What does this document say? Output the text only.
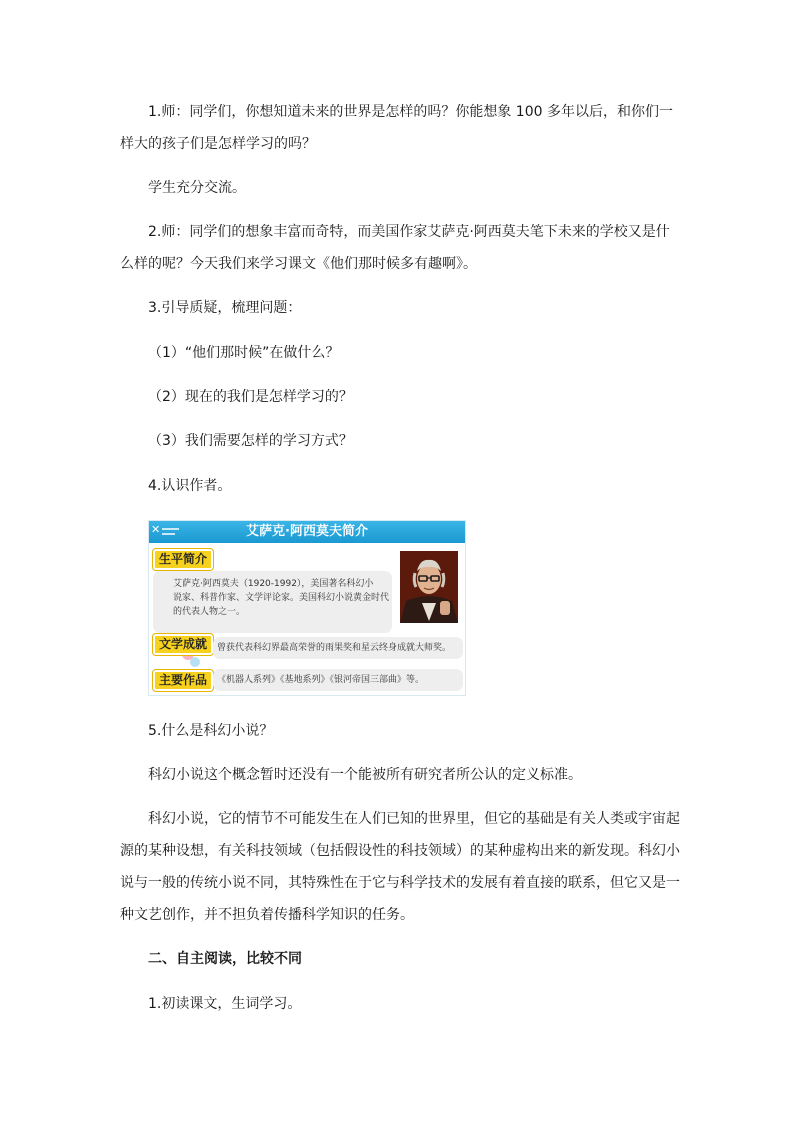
1.师：同学们，你想知道未来的世界是怎样的吗？你能想象 100 多年以后，和你们一
样大的孩子们是怎样学习的吗？
学生充分交流。
2.师：同学们的想象丰富而奇特，而美国作家艾萨克·阿西莫夫笔下未来的学校又是什
么样的呢？今天我们来学习课文《他们那时候多有趣啊》。
3.引导质疑，梳理问题：
（1）“他们那时候”在做什么？
（2）现在的我们是怎样学习的？
（3）我们需要怎样的学习方式？
4.认识作者。
✕	艾萨克·阿西莫夫简介
生平简介
艾萨克·阿西莫夫（1920-1992），美国著名科幻小
说家、科普作家、文学评论家。美国科幻小说黄金时代
的代表人物之一。
文学成就	曾获代表科幻界最高荣誉的雨果奖和星云终身成就大师奖。
主要作品	《机器人系列》《基地系列》《银河帝国三部曲》等。
5.什么是科幻小说？
科幻小说这个概念暂时还没有一个能被所有研究者所公认的定义标准。
科幻小说，它的情节不可能发生在人们已知的世界里，但它的基础是有关人类或宇宙起
源的某种设想，有关科技领域（包括假设性的科技领域）的某种虚构出来的新发现。科幻小
说与一般的传统小说不同，其特殊性在于它与科学技术的发展有着直接的联系，但它又是一
种文艺创作，并不担负着传播科学知识的任务。
二、自主阅读，比较不同
1.初读课文，生词学习。
